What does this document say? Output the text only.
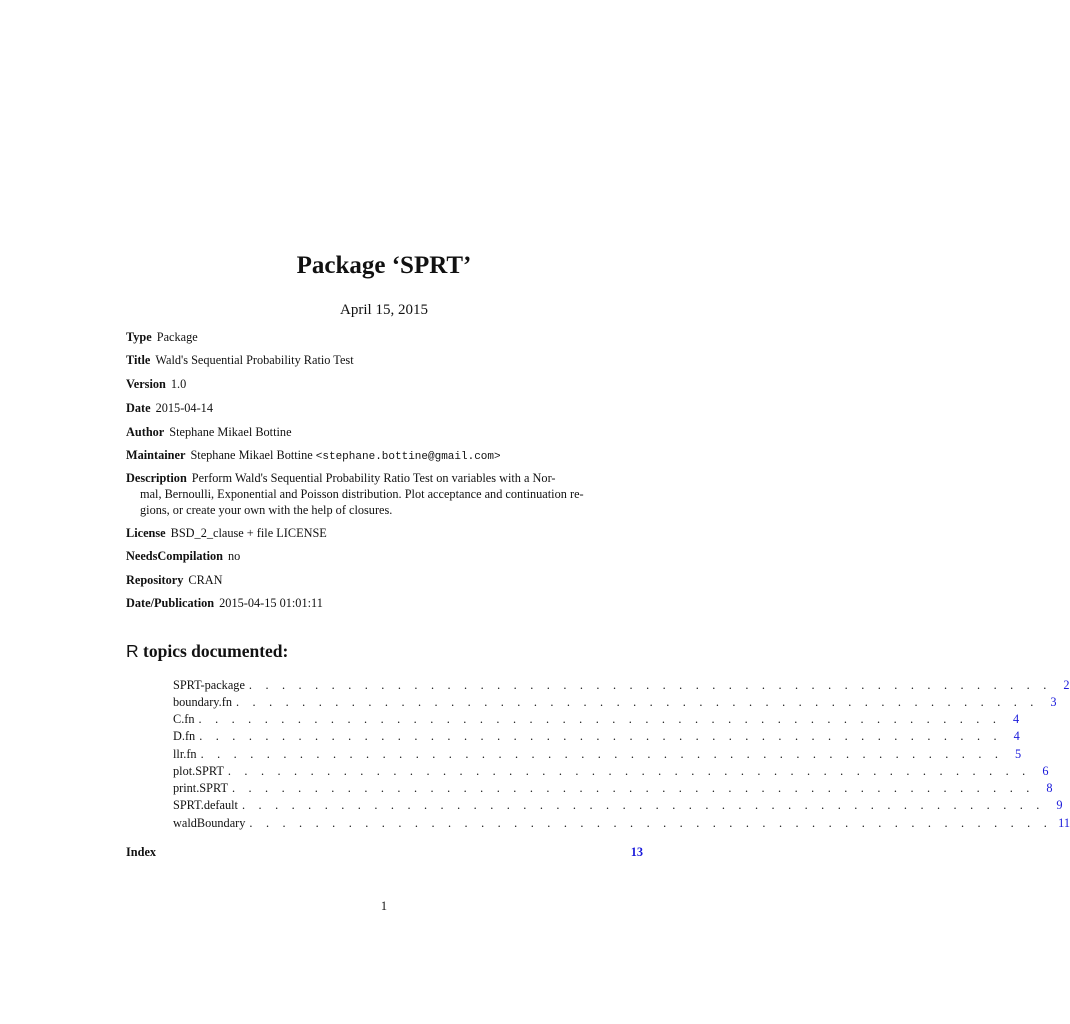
Package ‘SPRT’
April 15, 2015
Type Package
Title Wald's Sequential Probability Ratio Test
Version 1.0
Date 2015-04-14
Author Stephane Mikael Bottine
Maintainer Stephane Mikael Bottine <stephane.bottine@gmail.com>
Description Perform Wald's Sequential Probability Ratio Test on variables with a Nor-
mal, Bernoulli, Exponential and Poisson distribution. Plot acceptance and continuation re-
gions, or create your own with the help of closures.
License BSD_2_clause + file LICENSE
NeedsCompilation no
Repository CRAN
Date/Publication 2015-04-15 01:01:11
R topics documented:
SPRT-package . . . . . . . . . . . . . . . . . . . . . . . . . . . . . . . . . . . . . . . . . . . . . . . . . 2
boundary.fn . . . . . . . . . . . . . . . . . . . . . . . . . . . . . . . . . . . . . . . . . . . . . . . . . 3
C.fn . . . . . . . . . . . . . . . . . . . . . . . . . . . . . . . . . . . . . . . . . . . . . . . . . 4
D.fn . . . . . . . . . . . . . . . . . . . . . . . . . . . . . . . . . . . . . . . . . . . . . . . . . 4
llr.fn . . . . . . . . . . . . . . . . . . . . . . . . . . . . . . . . . . . . . . . . . . . . . . . . . 5
plot.SPRT . . . . . . . . . . . . . . . . . . . . . . . . . . . . . . . . . . . . . . . . . . . . . . . . . 6
print.SPRT . . . . . . . . . . . . . . . . . . . . . . . . . . . . . . . . . . . . . . . . . . . . . . . . . 8
SPRT.default . . . . . . . . . . . . . . . . . . . . . . . . . . . . . . . . . . . . . . . . . . . . . . . . . 9
waldBoundary . . . . . . . . . . . . . . . . . . . . . . . . . . . . . . . . . . . . . . . . . . . . . . . . . 11
Index	13
1
